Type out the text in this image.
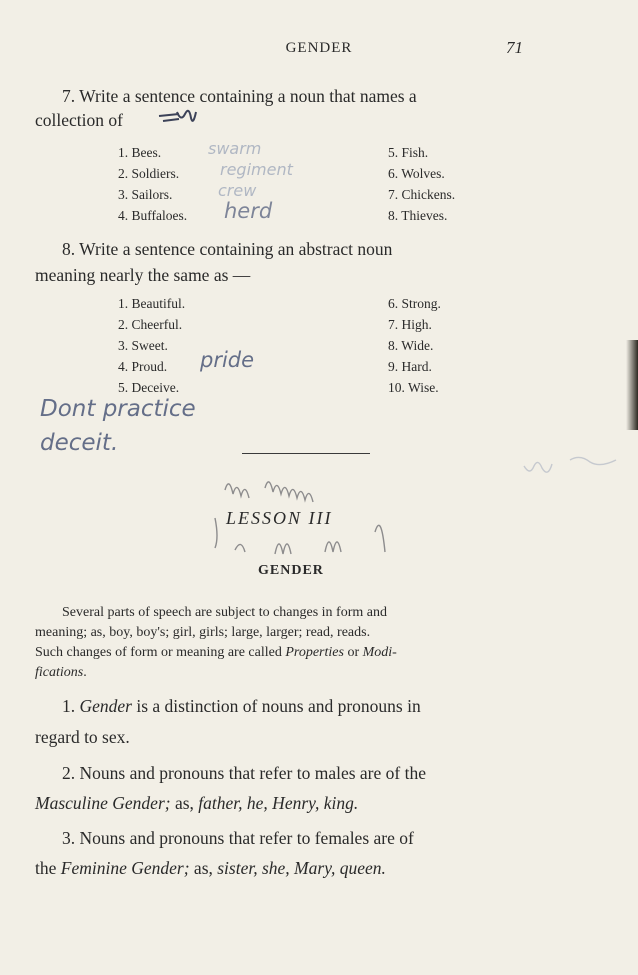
GENDER	71
7. Write a sentence containing a noun that names a
collection of
1. Bees.	swarm
2. Soldiers.	regiment
3. Sailors.	crew
4. Buffaloes. herd
5. Fish.
6. Wolves.
7. Chickens.
8. Thieves.
8. Write a sentence containing an abstract noun
meaning nearly the same as —
1. Beautiful.
2. Cheerful.
3. Sweet.
4. Proud. pride
5. Deceive.
6. Strong.
7. High.
8. Wide.
9. Hard.
10. Wise.
Dont practice
deceit.
LESSON III
GENDER
Several parts of speech are subject to changes in form and
meaning; as, boy, boy's; girl, girls; large, larger; read, reads.
Such changes of form or meaning are called Properties or Modi-
fications.
1. Gender is a distinction of nouns and pronouns in
regard to sex.
2. Nouns and pronouns that refer to males are of the
Masculine Gender; as, father, he, Henry, king.
3. Nouns and pronouns that refer to females are of
the Feminine Gender; as, sister, she, Mary, queen.
